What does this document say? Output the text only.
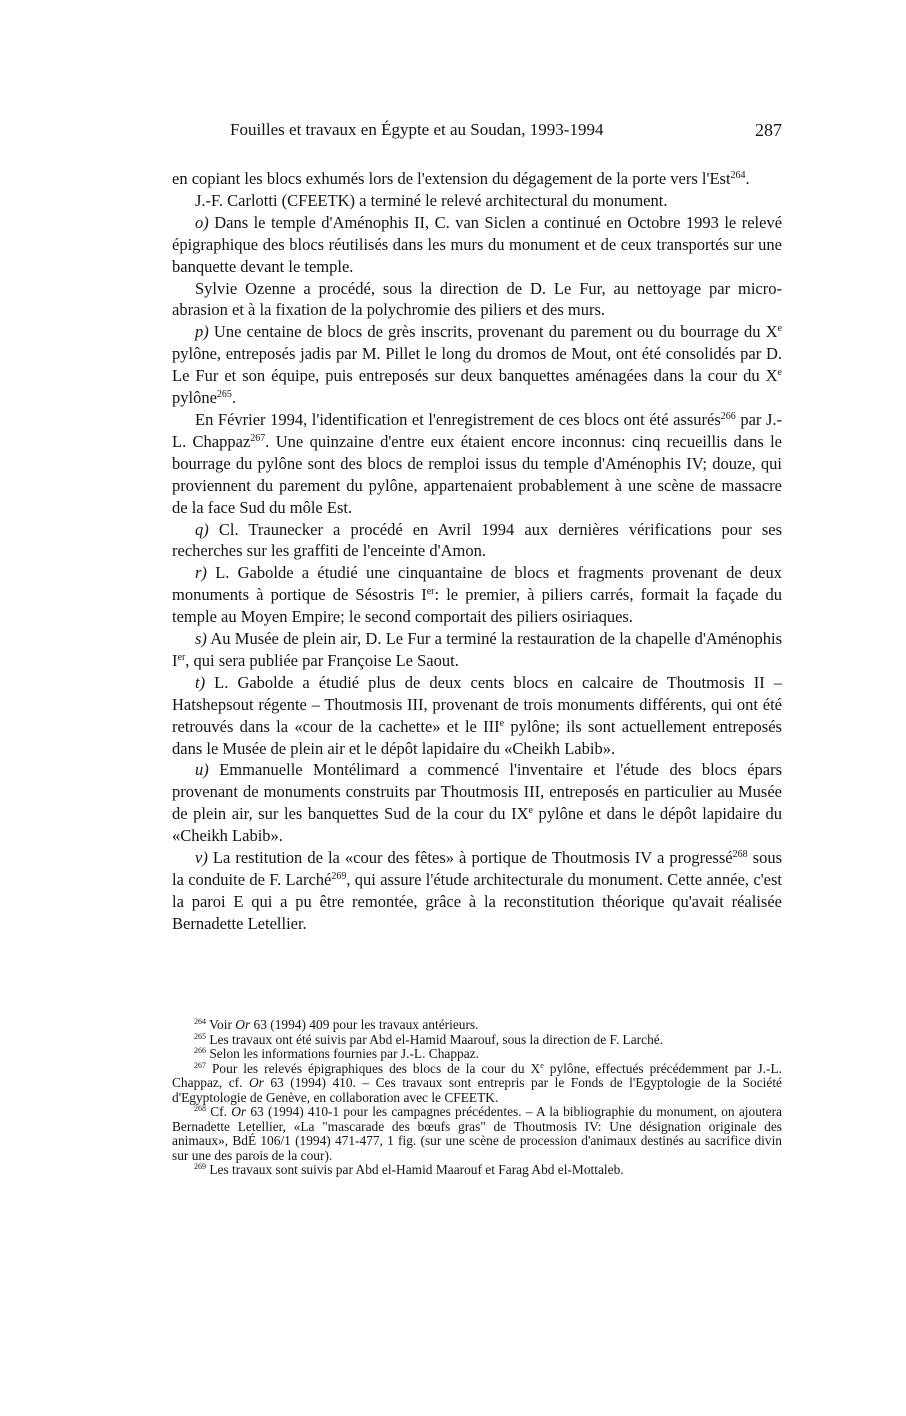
Fouilles et travaux en Égypte et au Soudan, 1993-1994	287

en copiant les blocs exhumés lors de l'extension du dégagement de la porte vers l'Est$^{264}$.

J.-F. Carlotti (CFEETK) a terminé le relevé architectural du monument.

o) Dans le temple d'Aménophis II, C. van Siclen a continué en Octobre 1993 le relevé épigraphique des blocs réutilisés dans les murs du monument et de ceux transportés sur une banquette devant le temple.

Sylvie Ozenne a procédé, sous la direction de D. Le Fur, au nettoyage par micro-abrasion et à la fixation de la polychromie des piliers et des murs.

p) Une centaine de blocs de grès inscrits, provenant du parement ou du bourrage du Xe pylône, entreposés jadis par M. Pillet le long du dromos de Mout, ont été consolidés par D. Le Fur et son équipe, puis entreposés sur deux banquettes aménagées dans la cour du Xe pylône$^{265}$.

En Février 1994, l'identification et l'enregistrement de ces blocs ont été assurés$^{266}$ par J.-L. Chappaz$^{267}$. Une quinzaine d'entre eux étaient encore inconnus: cinq recueillis dans le bourrage du pylône sont des blocs de remploi issus du temple d'Aménophis IV; douze, qui proviennent du parement du pylône, appartenaient probablement à une scène de massacre de la face Sud du môle Est.

q) Cl. Traunecker a procédé en Avril 1994 aux dernières vérifications pour ses recherches sur les graffiti de l'enceinte d'Amon.

r) L. Gabolde a étudié une cinquantaine de blocs et fragments provenant de deux monuments à portique de Sésostris Ier: le premier, à piliers carrés, formait la façade du temple au Moyen Empire; le second comportait des piliers osiriaques.

s) Au Musée de plein air, D. Le Fur a terminé la restauration de la chapelle d'Aménophis Ier, qui sera publiée par Françoise Le Saout.

t) L. Gabolde a étudié plus de deux cents blocs en calcaire de Thoutmosis II – Hatshepsout régente – Thoutmosis III, provenant de trois monuments différents, qui ont été retrouvés dans la «cour de la cachette» et le IIIe pylône; ils sont actuellement entreposés dans le Musée de plein air et le dépôt lapidaire du «Cheikh Labib».

u) Emmanuelle Montélimard a commencé l'inventaire et l'étude des blocs épars provenant de monuments construits par Thoutmosis III, entreposés en particulier au Musée de plein air, sur les banquettes Sud de la cour du IXe pylône et dans le dépôt lapidaire du «Cheikh Labib».

v) La restitution de la «cour des fêtes» à portique de Thoutmosis IV a progressé$^{268}$ sous la conduite de F. Larché$^{269}$, qui assure l'étude architecturale du monument. Cette année, c'est la paroi E qui a pu être remontée, grâce à la reconstitution théorique qu'avait réalisée Bernadette Letellier.

$^{264}$ Voir Or 63 (1994) 409 pour les travaux antérieurs.

$^{265}$ Les travaux ont été suivis par Abd el-Hamid Maarouf, sous la direction de F. Larché.

$^{266}$ Selon les informations fournies par J.-L. Chappaz.

$^{267}$ Pour les relevés épigraphiques des blocs de la cour du Xe pylône, effectués précédemment par J.-L. Chappaz, cf. Or 63 (1994) 410. – Ces travaux sont entrepris par le Fonds de l'Egyptologie de la Société d'Egyptologie de Genève, en collaboration avec le CFEETK.

$^{268}$ Cf. Or 63 (1994) 410-1 pour les campagnes précédentes. – A la bibliographie du monument, on ajoutera Bernadette Letellier, «La "mascarade des bœufs gras" de Thoutmosis IV: Une désignation originale des animaux», BdÉ 106/1 (1994) 471-477, 1 fig. (sur une scène de procession d'animaux destinés au sacrifice divin sur une des parois de la cour).

$^{269}$ Les travaux sont suivis par Abd el-Hamid Maarouf et Farag Abd el-Mottaleb.
